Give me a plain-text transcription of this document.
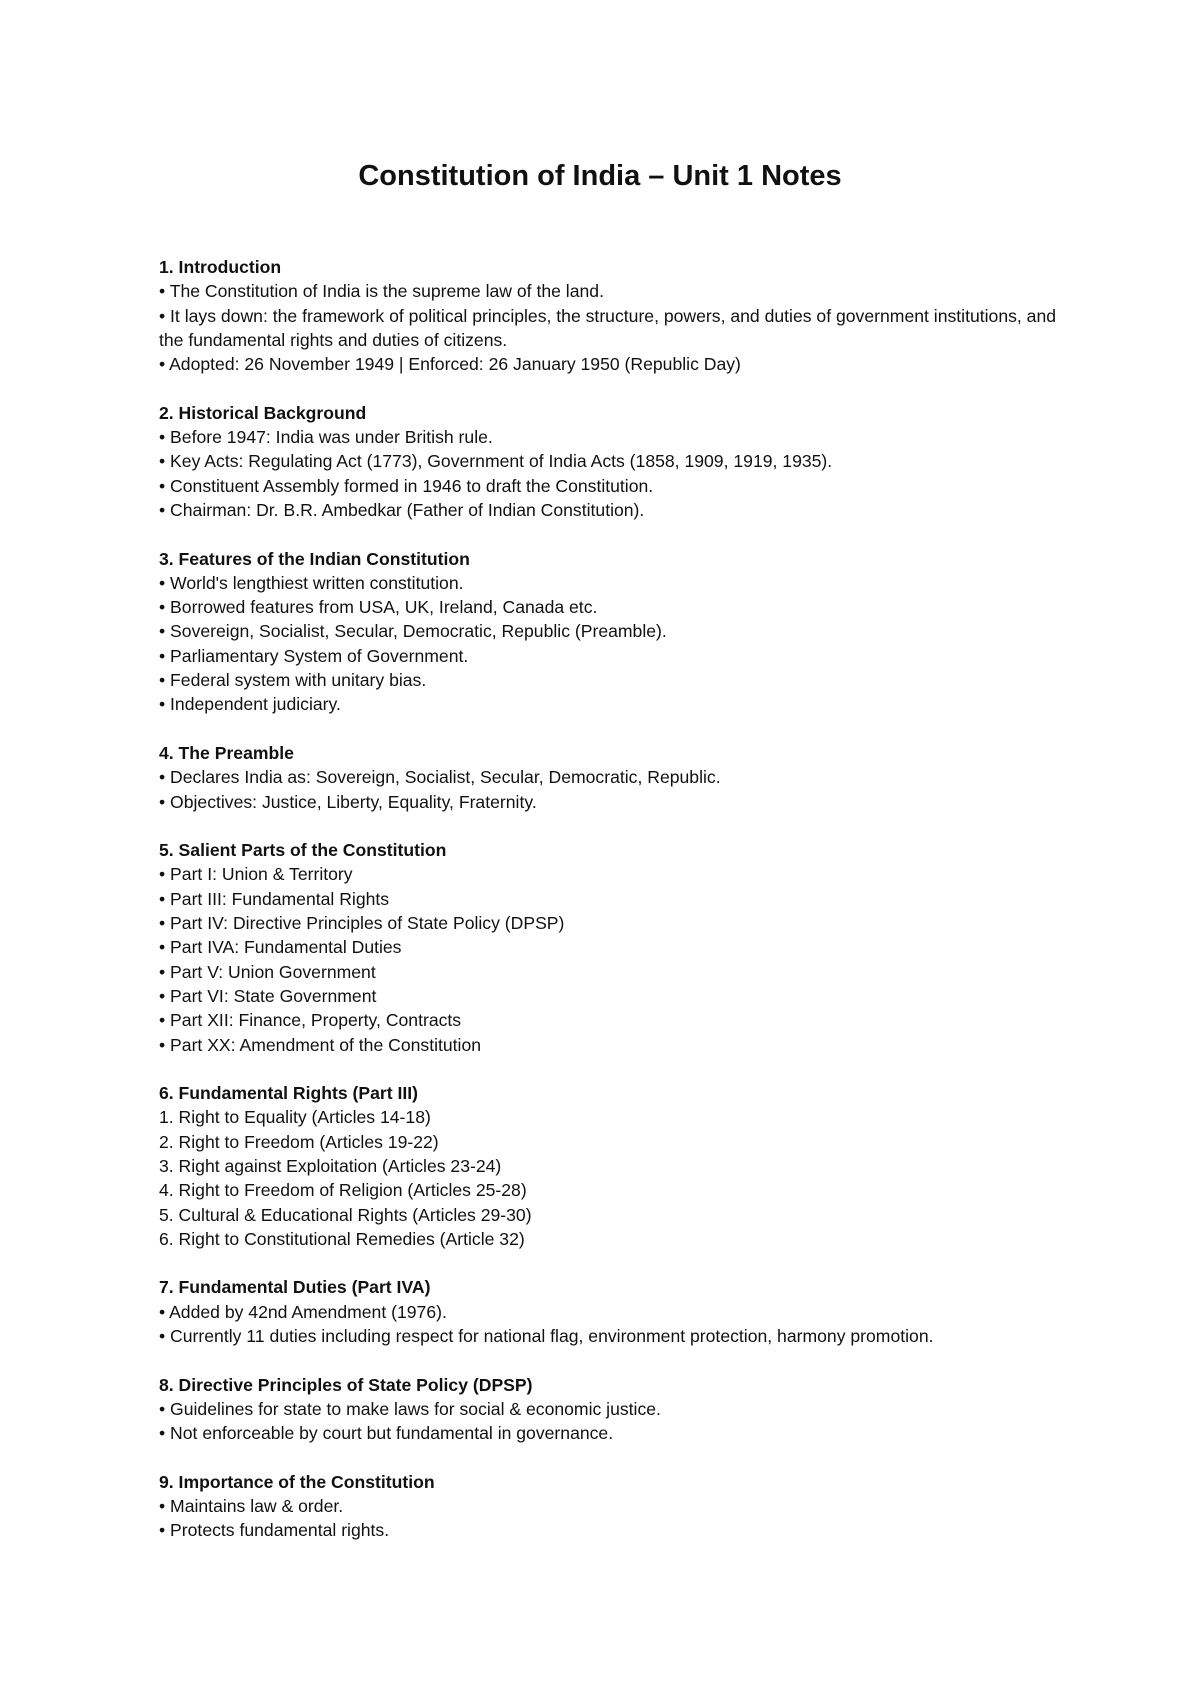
Constitution of India – Unit 1 Notes

1. Introduction

• The Constitution of India is the supreme law of the land.

• It lays down: the framework of political principles, the structure, powers, and duties of government institutions, and the fundamental rights and duties of citizens.

• Adopted: 26 November 1949 | Enforced: 26 January 1950 (Republic Day)

2. Historical Background

• Before 1947: India was under British rule.

• Key Acts: Regulating Act (1773), Government of India Acts (1858, 1909, 1919, 1935).

• Constituent Assembly formed in 1946 to draft the Constitution.

• Chairman: Dr. B.R. Ambedkar (Father of Indian Constitution).

3. Features of the Indian Constitution

• World's lengthiest written constitution.

• Borrowed features from USA, UK, Ireland, Canada etc.

• Sovereign, Socialist, Secular, Democratic, Republic (Preamble).

• Parliamentary System of Government.

• Federal system with unitary bias.

• Independent judiciary.

4. The Preamble

• Declares India as: Sovereign, Socialist, Secular, Democratic, Republic.

• Objectives: Justice, Liberty, Equality, Fraternity.

5. Salient Parts of the Constitution

• Part I: Union & Territory

• Part III: Fundamental Rights

• Part IV: Directive Principles of State Policy (DPSP)

• Part IVA: Fundamental Duties

• Part V: Union Government

• Part VI: State Government

• Part XII: Finance, Property, Contracts

• Part XX: Amendment of the Constitution

6. Fundamental Rights (Part III)

1. Right to Equality (Articles 14-18)

2. Right to Freedom (Articles 19-22)

3. Right against Exploitation (Articles 23-24)

4. Right to Freedom of Religion (Articles 25-28)

5. Cultural & Educational Rights (Articles 29-30)

6. Right to Constitutional Remedies (Article 32)

7. Fundamental Duties (Part IVA)

• Added by 42nd Amendment (1976).

• Currently 11 duties including respect for national flag, environment protection, harmony promotion.

8. Directive Principles of State Policy (DPSP)

• Guidelines for state to make laws for social & economic justice.

• Not enforceable by court but fundamental in governance.

9. Importance of the Constitution

• Maintains law & order.

• Protects fundamental rights.
